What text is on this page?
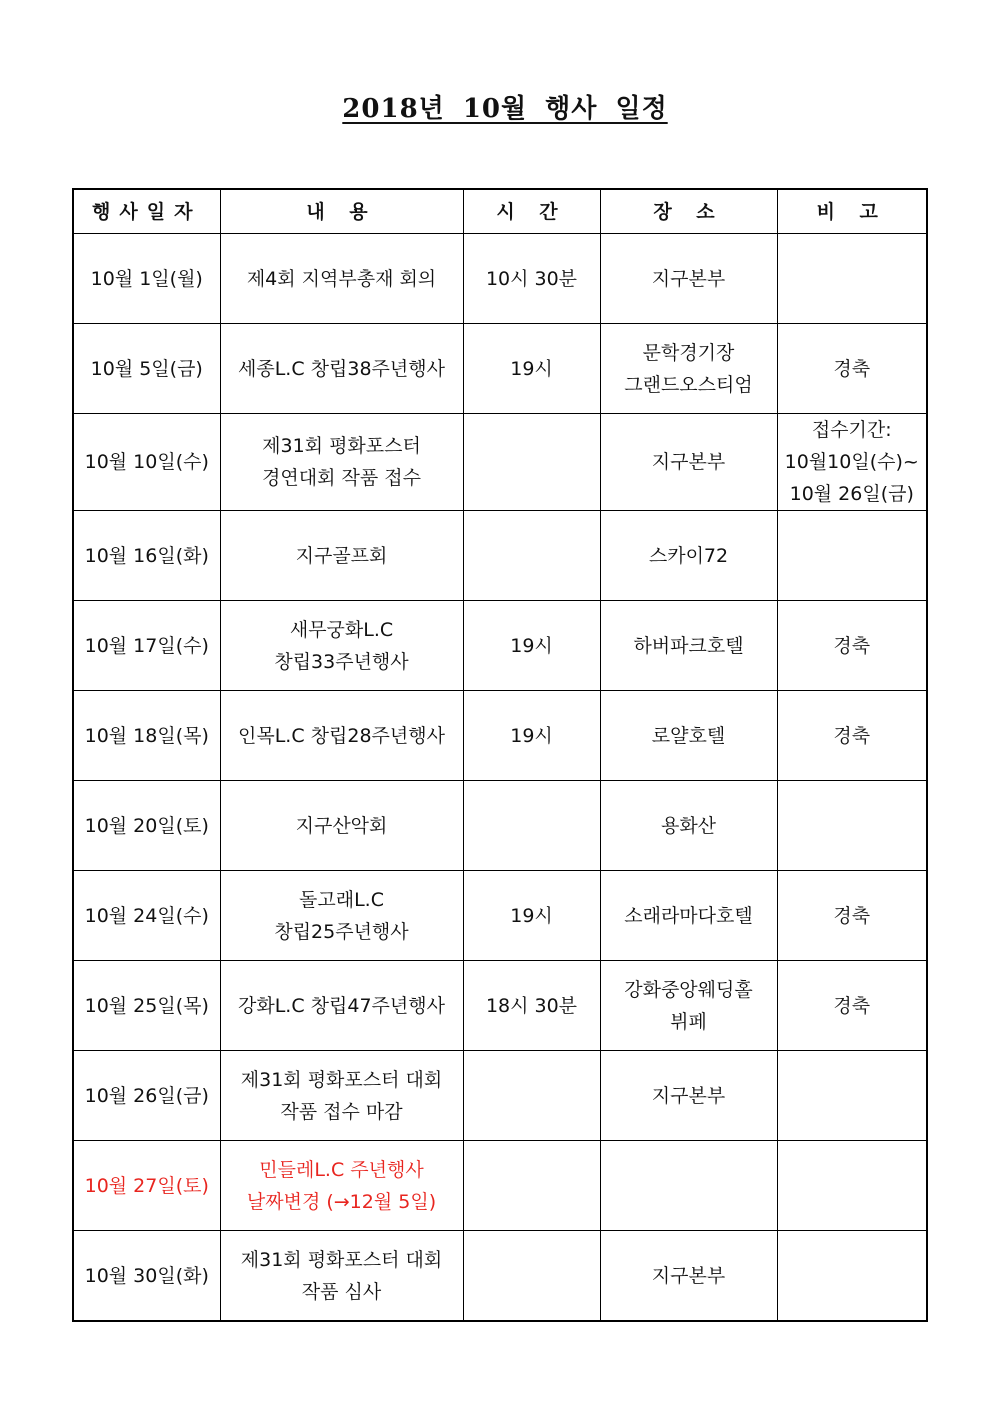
2018년 10월 행사 일정
행사일자	내 용	시 간	장 소	비 고

10월 1일(월)	제4회 지역부총재 회의	10시 30분	지구본부	

10월 5일(금)	세종L.C 창립38주년행사	19시	문학경기장
그랜드오스티엄	경축

10월 10일(수)	제31회 평화포스터
경연대회 작품 접수		지구본부	접수기간:
10월10일(수)~
10월 26일(금)

10월 16일(화)	지구골프회		스카이72	

10월 17일(수)	새무궁화L.C
창립33주년행사	19시	하버파크호텔	경축

10월 18일(목)	인목L.C 창립28주년행사	19시	로얄호텔	경축

10월 20일(토)	지구산악회		용화산	

10월 24일(수)	돌고래L.C
창립25주년행사	19시	소래라마다호텔	경축

10월 25일(목)	강화L.C 창립47주년행사	18시 30분	강화중앙웨딩홀
뷔페	경축

10월 26일(금)	제31회 평화포스터 대회
작품 접수 마감		지구본부	

10월 27일(토)	민들레L.C 주년행사
날짜변경 (→12월 5일)			

10월 30일(화)	제31회 평화포스터 대회
작품 심사		지구본부	
